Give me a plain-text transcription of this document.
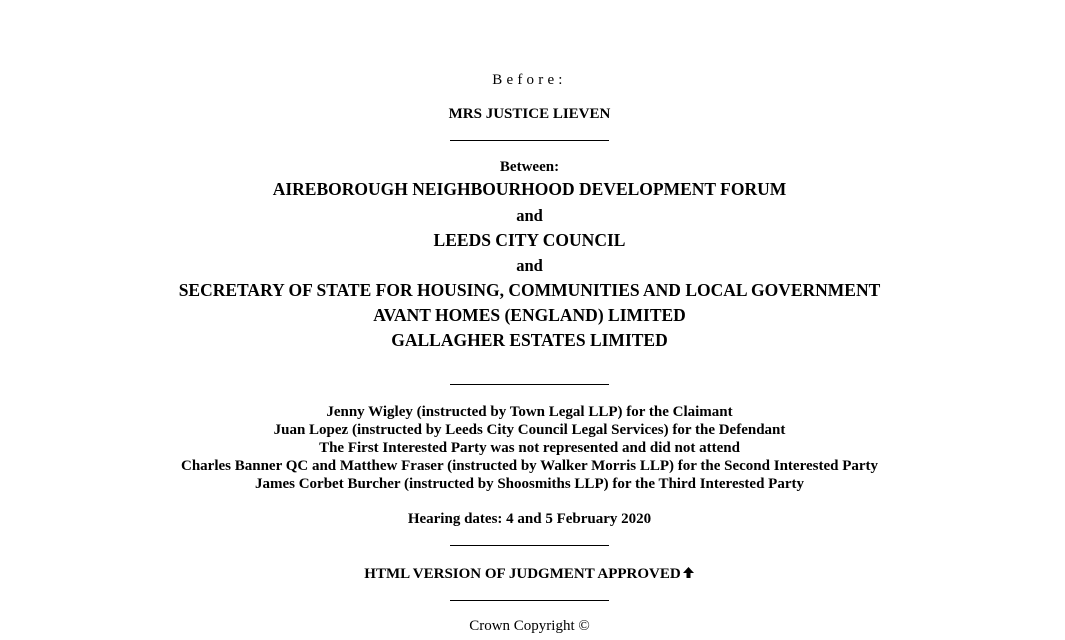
Before:
MRS JUSTICE LIEVEN
Between:
AIREBOROUGH NEIGHBOURHOOD DEVELOPMENT FORUM
and
LEEDS CITY COUNCIL
and
SECRETARY OF STATE FOR HOUSING, COMMUNITIES AND LOCAL GOVERNMENT
AVANT HOMES (ENGLAND) LIMITED
GALLAGHER ESTATES LIMITED
Jenny Wigley (instructed by Town Legal LLP) for the Claimant
Juan Lopez (instructed by Leeds City Council Legal Services) for the Defendant
The First Interested Party was not represented and did not attend
Charles Banner QC and Matthew Fraser (instructed by Walker Morris LLP) for the Second Interested Party
James Corbet Burcher (instructed by Shoosmiths LLP) for the Third Interested Party
Hearing dates: 4 and 5 February 2020
HTML VERSION OF JUDGMENT APPROVED
Crown Copyright ©
